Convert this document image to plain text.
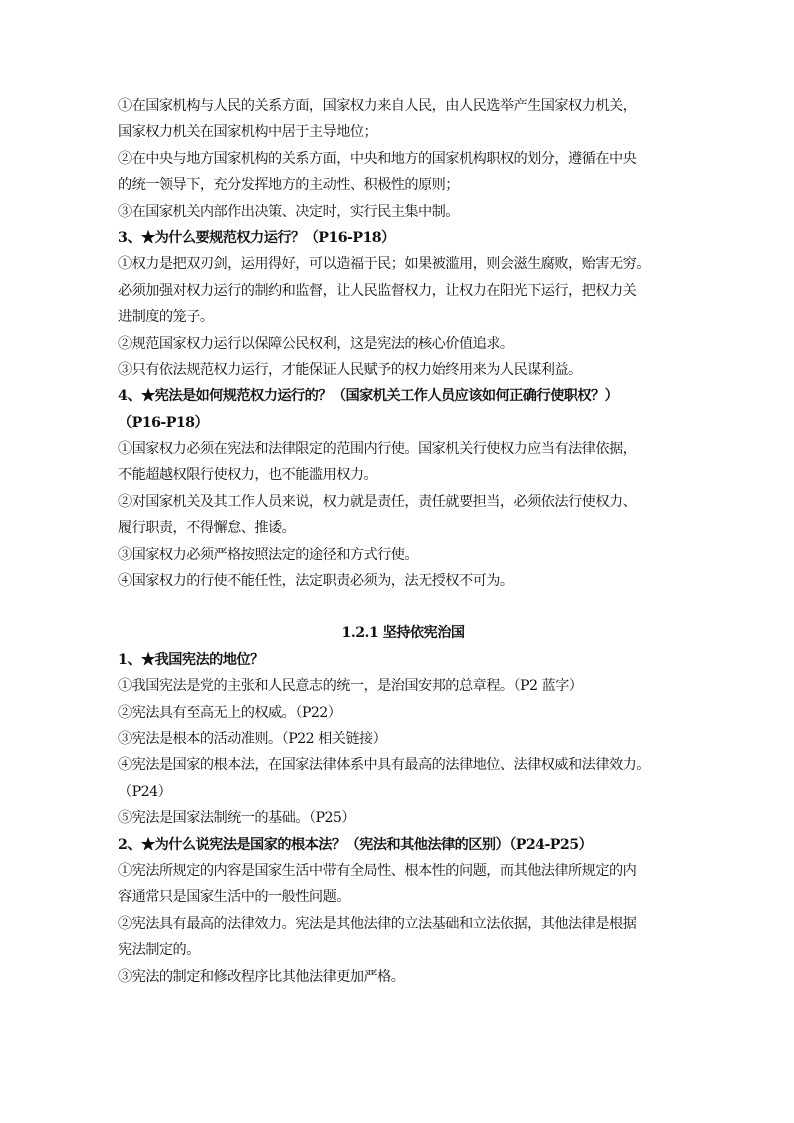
①在国家机构与人民的关系方面，国家权力来自人民，由人民选举产生国家权力机关，
国家权力机关在国家机构中居于主导地位；
②在中央与地方国家机构的关系方面，中央和地方的国家机构职权的划分，遵循在中央
的统一领导下，充分发挥地方的主动性、积极性的原则；
③在国家机关内部作出决策、决定时，实行民主集中制。
3、★为什么要规范权力运行？（P16-P18）
①权力是把双刃剑，运用得好，可以造福于民；如果被滥用，则会滋生腐败，贻害无穷。
必须加强对权力运行的制约和监督，让人民监督权力，让权力在阳光下运行，把权力关
进制度的笼子。
②规范国家权力运行以保障公民权利，这是宪法的核心价值追求。
③只有依法规范权力运行，才能保证人民赋予的权力始终用来为人民谋利益。
4、★宪法是如何规范权力运行的？（国家机关工作人员应该如何正确行使职权？）
（P16-P18）
①国家权力必须在宪法和法律限定的范围内行使。国家机关行使权力应当有法律依据，
不能超越权限行使权力，也不能滥用权力。
②对国家机关及其工作人员来说，权力就是责任，责任就要担当，必须依法行使权力、
履行职责，不得懈怠、推诿。
③国家权力必须严格按照法定的途径和方式行使。
④国家权力的行使不能任性，法定职责必须为，法无授权不可为。
1.2.1 坚持依宪治国
1、★我国宪法的地位？
①我国宪法是党的主张和人民意志的统一，是治国安邦的总章程。（P2 蓝字）
②宪法具有至高无上的权威。（P22）
③宪法是根本的活动准则。（P22 相关链接）
④宪法是国家的根本法，在国家法律体系中具有最高的法律地位、法律权威和法律效力。
（P24）
⑤宪法是国家法制统一的基础。（P25）
2、★为什么说宪法是国家的根本法？（宪法和其他法律的区别）（P24-P25）
①宪法所规定的内容是国家生活中带有全局性、根本性的问题，而其他法律所规定的内
容通常只是国家生活中的一般性问题。
②宪法具有最高的法律效力。宪法是其他法律的立法基础和立法依据，其他法律是根据
宪法制定的。
③宪法的制定和修改程序比其他法律更加严格。
